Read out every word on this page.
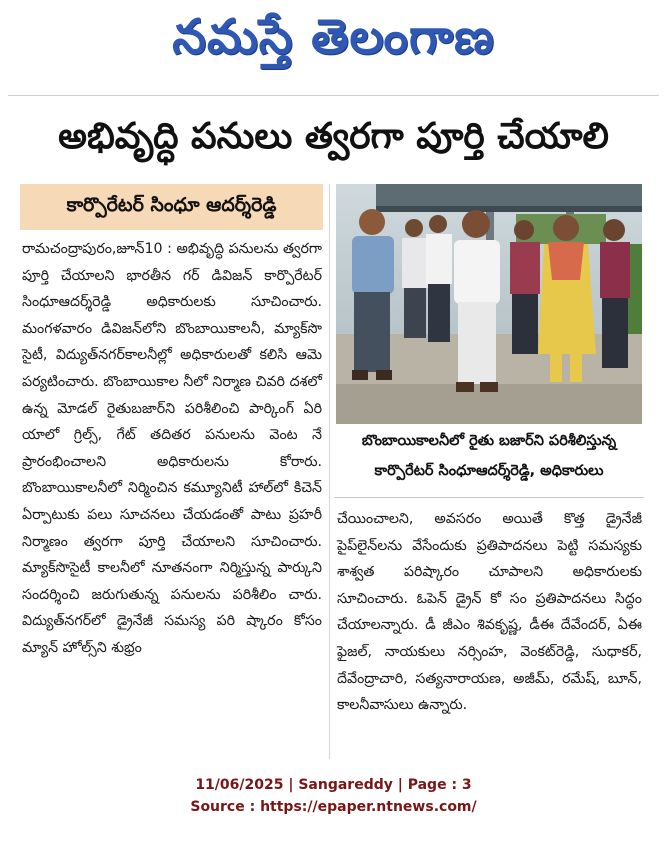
నమస్తే తెలంగాణ
అభివృద్ధి పనులు త్వరగా పూర్తి చేయాలి
కార్పొరేటర్ సింధూ ఆదర్శ్‌రెడ్డి

రామచంద్రాపురం,జూన్10 : అభివృద్ధి పనులను త్వరగా పూర్తి చేయాలని భారతీన గర్ డివిజన్ కార్పొరేటర్ సింధూఆదర్శ్‌రెడ్డి అధికారులకు సూచించారు. మంగళవారం డివిజన్‌లోని బొంబాయికాలనీ, మ్యాక్‌సొ సైటీ, విద్యుత్‌నగర్‌కాలనీల్లో అధికారులతో కలిసి ఆమె పర్యటించారు. బొంబాయికాల నీలో నిర్మాణ చివరి దశలో ఉన్న మోడల్ రైతుబజార్‌ని పరిశీలించి పార్కింగ్ ఏరి యాలో గ్రిల్స్, గేట్ తదితర పనులను వెంట నే ప్రారంభించాలని అధికారులను కోరారు. బొంబాయికాలనీలో నిర్మించిన కమ్యూనిటీ హాల్‌లో కిచెన్ ఏర్పాటుకు పలు సూచనలు చేయడంతో పాటు ప్రహరీ నిర్మాణం త్వరగా పూర్తి చేయాలని సూచించారు. మ్యాక్‌సొసైటీ కాలనీలో నూతనంగా నిర్మిస్తున్న పార్కుని సందర్శించి జరుగుతున్న పనులను పరిశీలిం చారు. విద్యుత్‌నగర్‌లో డ్రైనేజీ సమస్య పరి ష్కారం కోసం మ్యాన్ హోల్స్‌ని శుభ్రం

బొంబాయికాలనీలో రైతు బజార్‌ని పరిశీలిస్తున్న
కార్పొరేటర్ సింధూఆదర్శ్‌రెడ్డి, అధికారులు

చేయించాలని, అవసరం అయితే కొత్త డ్రైనేజీ పైప్‌లైన్‌లను వేసేందుకు ప్రతిపాదనలు పెట్టి సమస్యకు శాశ్వత పరిష్కారం చూపాలని అధికారులకు సూచించారు. ఓపెన్ డ్రైన్ కో సం ప్రతిపాదనలు సిద్ధం చేయాలన్నారు. డీ జీఎం శివకృష్ణ, డీఈ దేవేందర్, ఏఈ ఫైజల్, నాయకులు నర్సింహ, వెంకట్‌రెడ్డి, సుధాకర్, దేవేంద్రాచారి, సత్యనారాయణ, అజీమ్, రమేష్, బూన్, కాలనీవాసులు ఉన్నారు.

11/06/2025 | Sangareddy | Page : 3
Source : https://epaper.ntnews.com/
